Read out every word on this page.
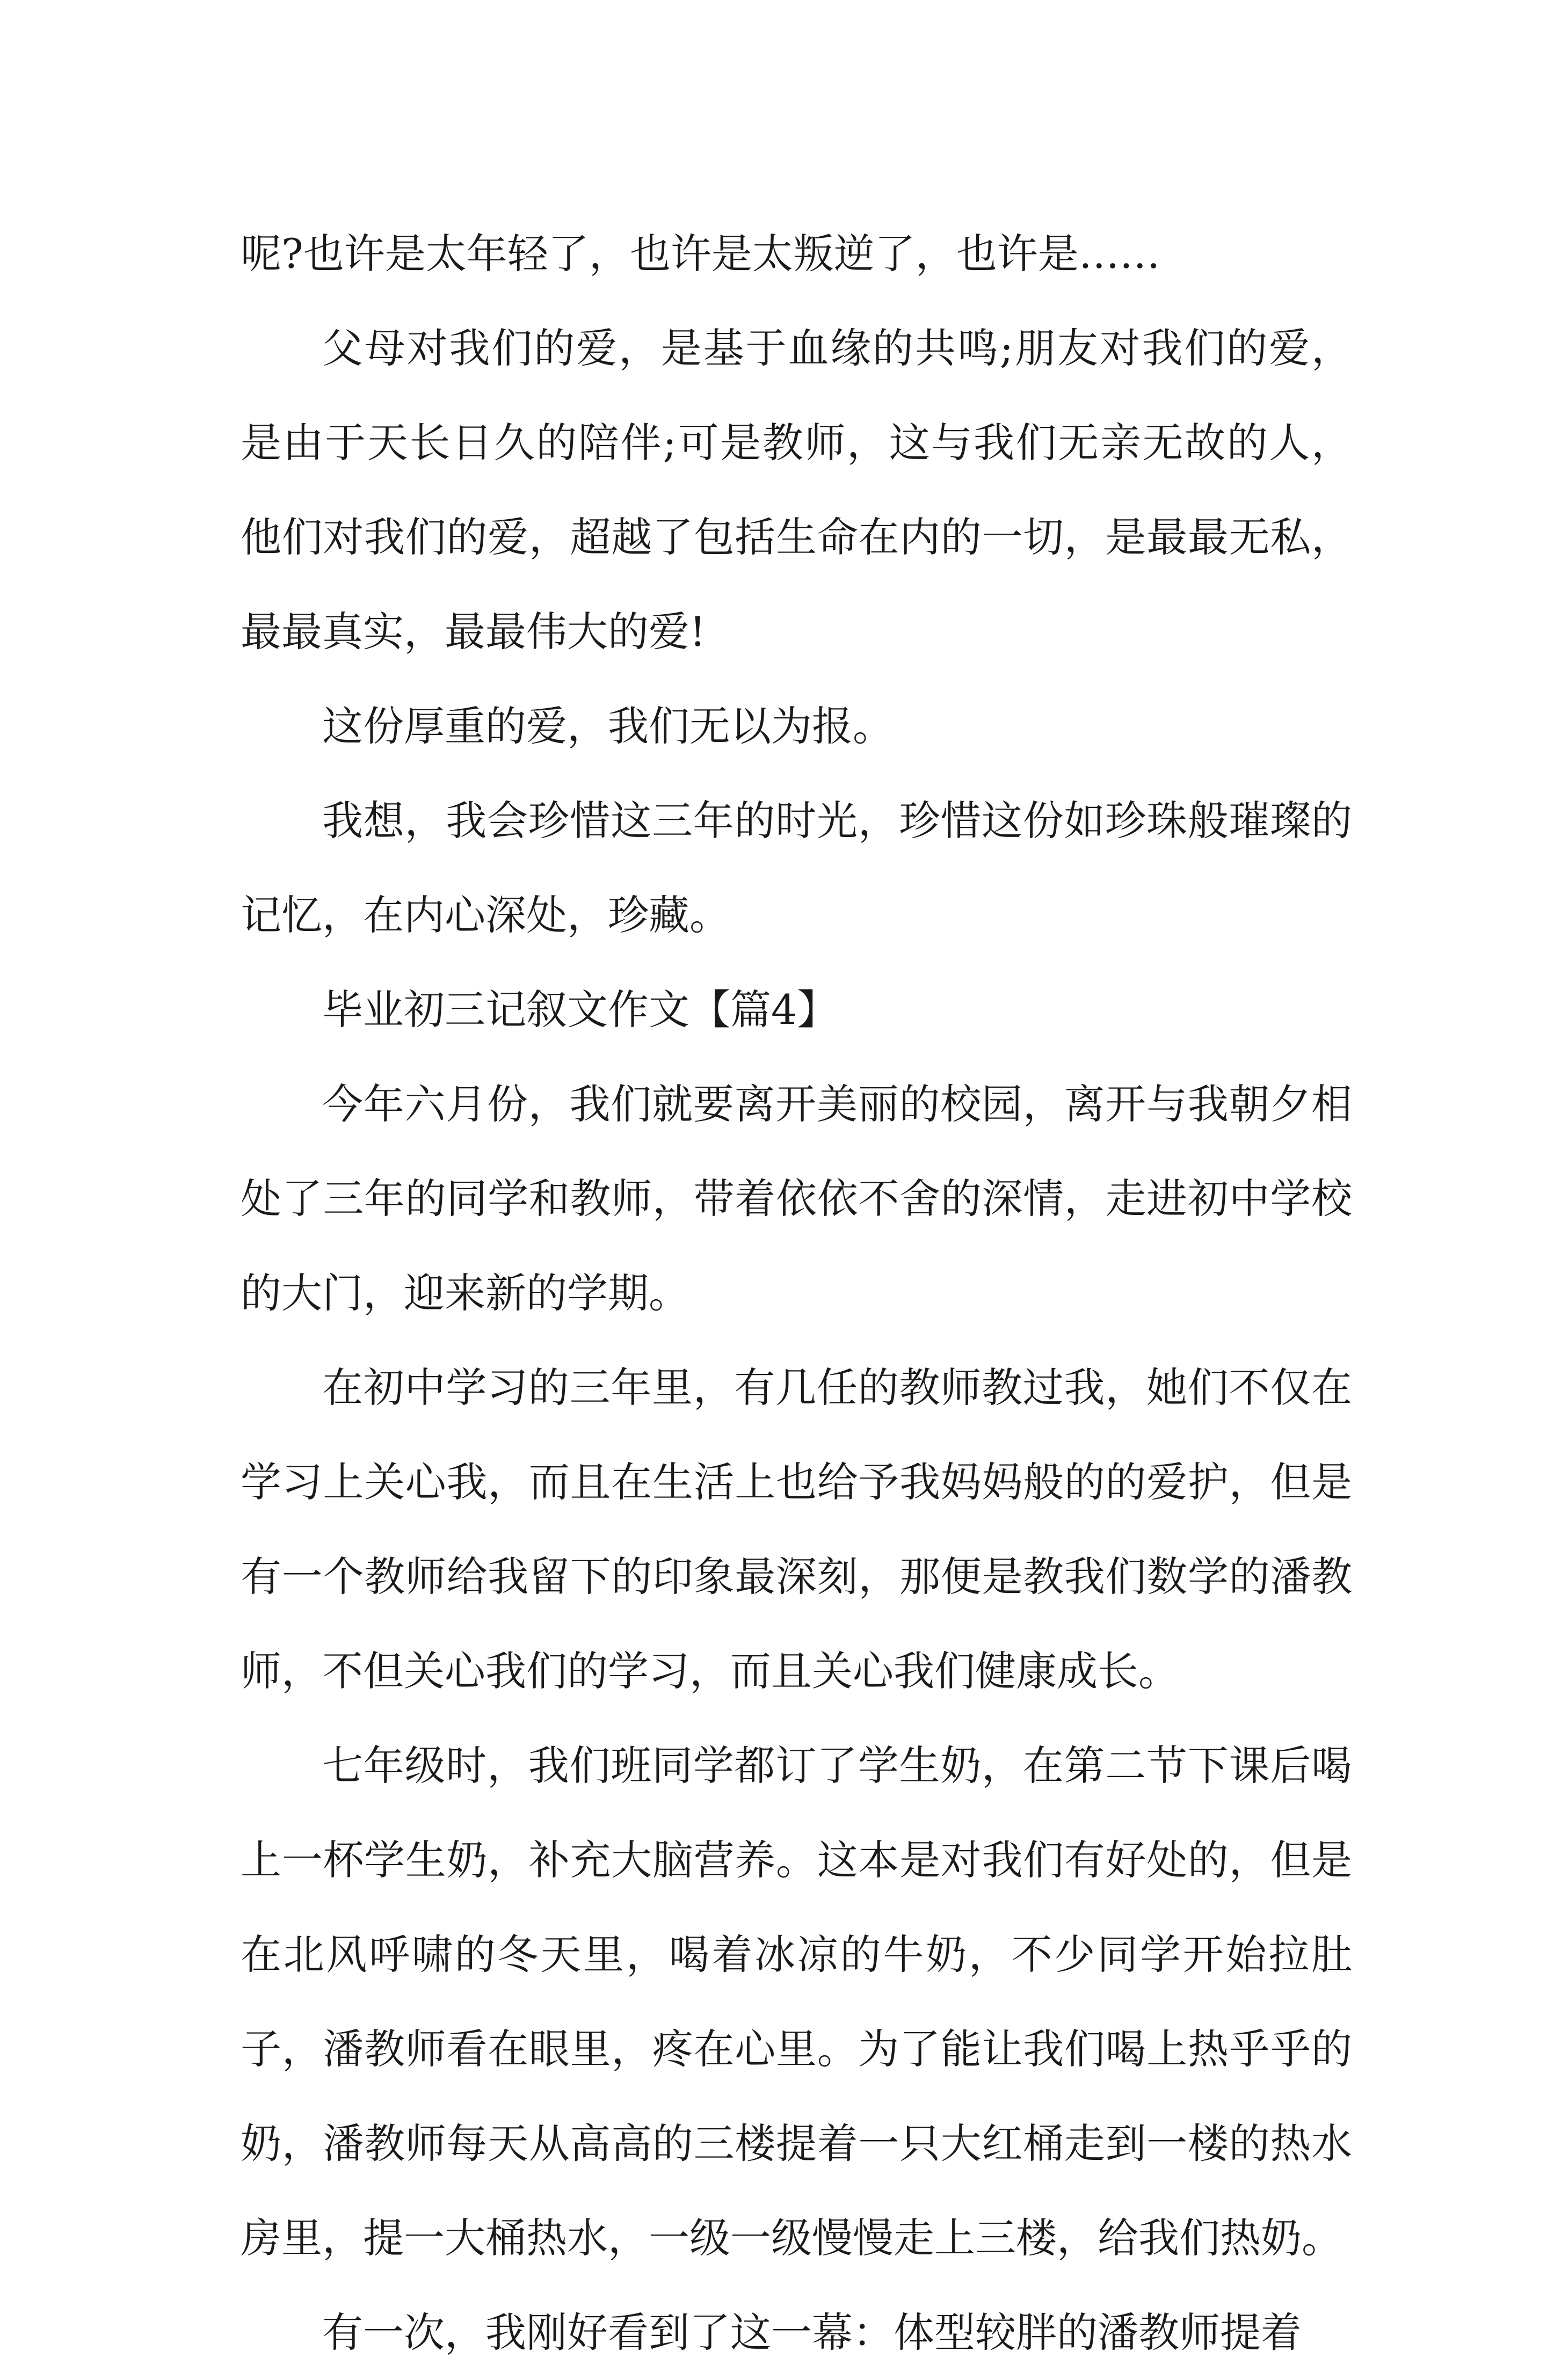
呢?也许是太年轻了，也许是太叛逆了，也许是……

父母对我们的爱，是基于血缘的共鸣;朋友对我们的爱，是由于天长日久的陪伴;可是教师，这与我们无亲无故的人，他们对我们的爱，超越了包括生命在内的一切，是最最无私，最最真实，最最伟大的爱!

这份厚重的爱，我们无以为报。

我想，我会珍惜这三年的时光，珍惜这份如珍珠般璀璨的记忆，在内心深处，珍藏。

毕业初三记叙文作文【篇4】

今年六月份，我们就要离开美丽的校园，离开与我朝夕相处了三年的同学和教师，带着依依不舍的深情，走进初中学校的大门，迎来新的学期。

在初中学习的三年里，有几任的教师教过我，她们不仅在学习上关心我，而且在生活上也给予我妈妈般的的爱护，但是有一个教师给我留下的印象最深刻，那便是教我们数学的潘教师，不但关心我们的学习，而且关心我们健康成长。

七年级时，我们班同学都订了学生奶，在第二节下课后喝上一杯学生奶，补充大脑营养。这本是对我们有好处的，但是在北风呼啸的冬天里，喝着冰凉的牛奶，不少同学开始拉肚子，潘教师看在眼里，疼在心里。为了能让我们喝上热乎乎的奶，潘教师每天从高高的三楼提着一只大红桶走到一楼的热水房里，提一大桶热水，一级一级慢慢走上三楼，给我们热奶。

有一次，我刚好看到了这一幕：体型较胖的潘教师提着
